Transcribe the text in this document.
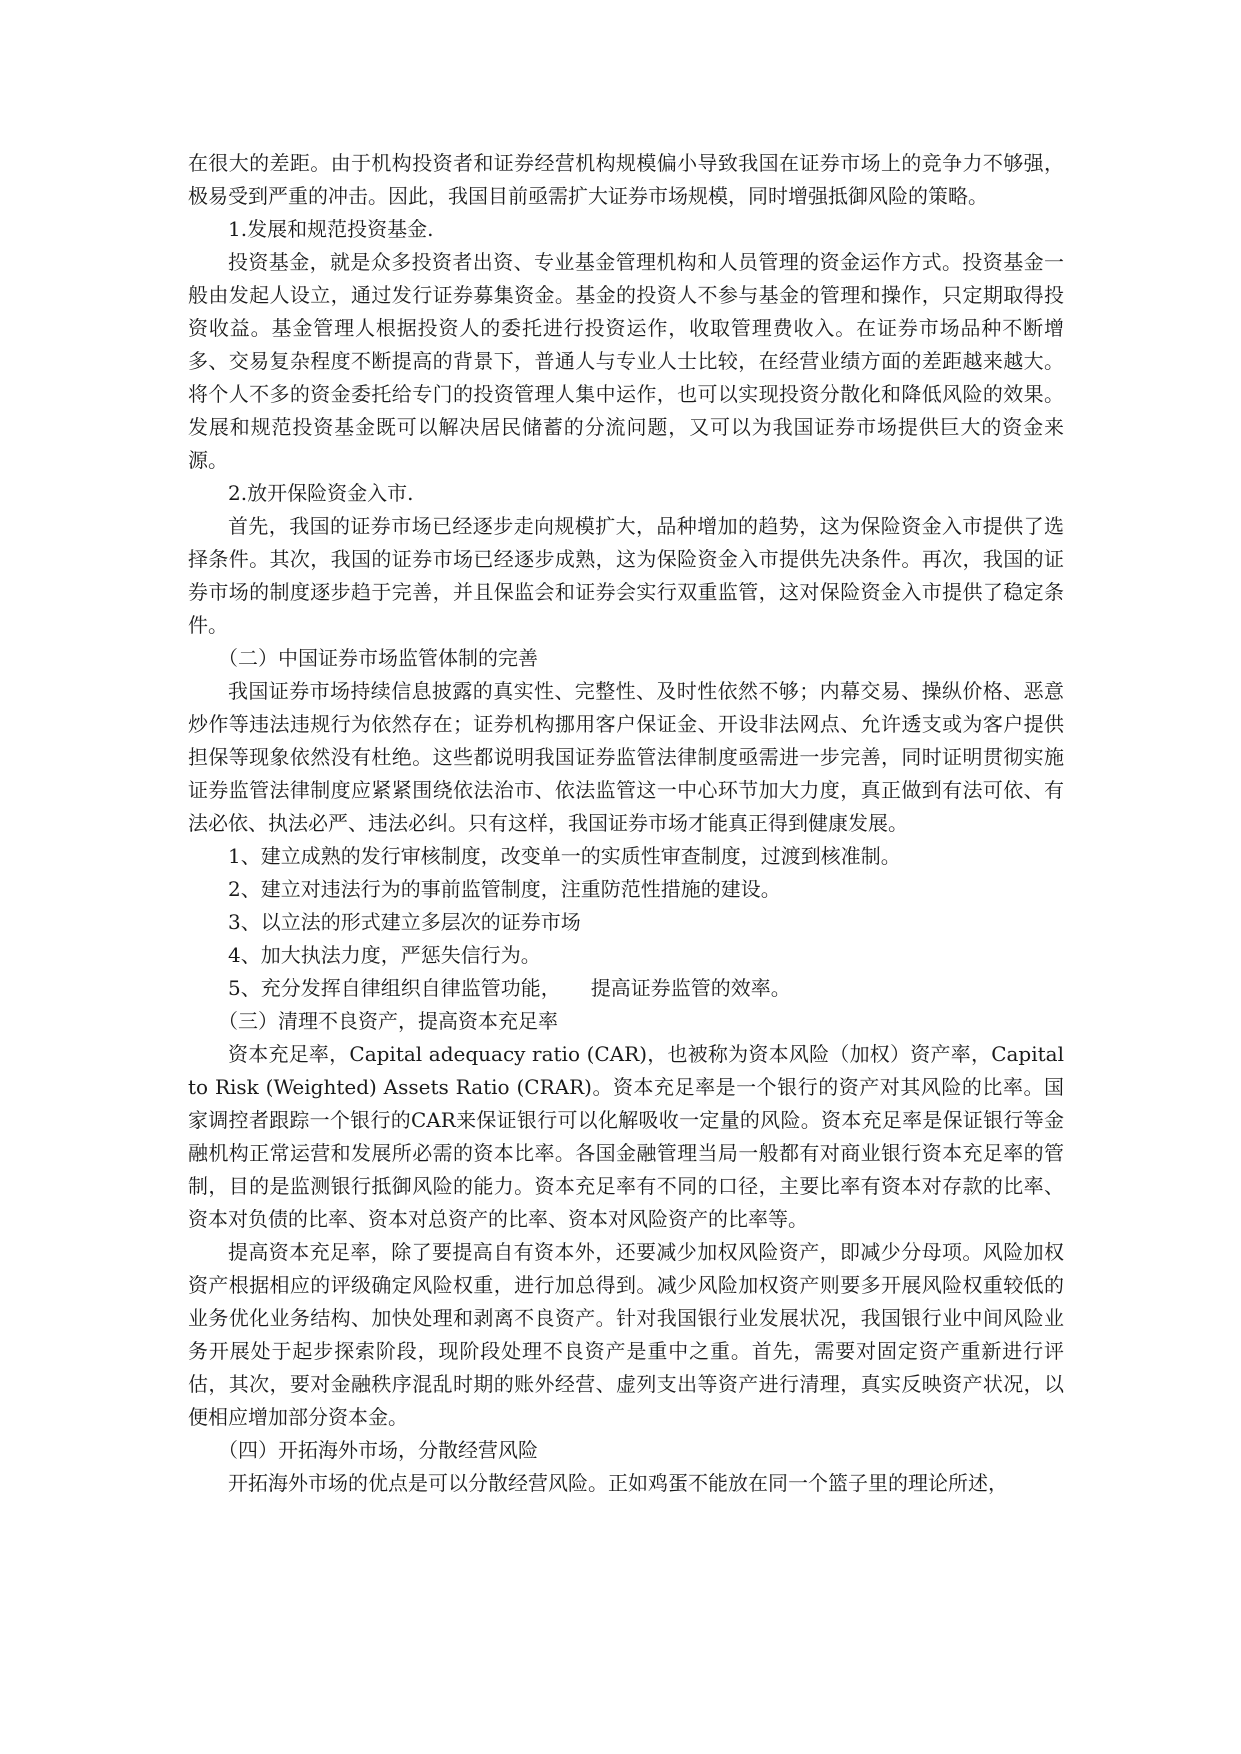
在很大的差距。由于机构投资者和证券经营机构规模偏小导致我国在证券市场上的竞争力不够强，极易受到严重的冲击。因此，我国目前亟需扩大证券市场规模，同时增强抵御风险的策略。

1.发展和规范投资基金.

投资基金，就是众多投资者出资、专业基金管理机构和人员管理的资金运作方式。投资基金一般由发起人设立，通过发行证券募集资金。基金的投资人不参与基金的管理和操作，只定期取得投资收益。基金管理人根据投资人的委托进行投资运作，收取管理费收入。在证券市场品种不断增多、交易复杂程度不断提高的背景下，普通人与专业人士比较，在经营业绩方面的差距越来越大。将个人不多的资金委托给专门的投资管理人集中运作，也可以实现投资分散化和降低风险的效果。发展和规范投资基金既可以解决居民储蓄的分流问题，又可以为我国证券市场提供巨大的资金来源。

2.放开保险资金入市.

首先，我国的证券市场已经逐步走向规模扩大，品种增加的趋势，这为保险资金入市提供了选择条件。其次，我国的证券市场已经逐步成熟，这为保险资金入市提供先决条件。再次，我国的证券市场的制度逐步趋于完善，并且保监会和证券会实行双重监管，这对保险资金入市提供了稳定条件。

（二）中国证券市场监管体制的完善

我国证券市场持续信息披露的真实性、完整性、及时性依然不够；内幕交易、操纵价格、恶意炒作等违法违规行为依然存在；证券机构挪用客户保证金、开设非法网点、允许透支或为客户提供担保等现象依然没有杜绝。这些都说明我国证券监管法律制度亟需进一步完善，同时证明贯彻实施证券监管法律制度应紧紧围绕依法治市、依法监管这一中心环节加大力度，真正做到有法可依、有法必依、执法必严、违法必纠。只有这样，我国证券市场才能真正得到健康发展。

1、建立成熟的发行审核制度，改变单一的实质性审查制度，过渡到核准制。

2、建立对违法行为的事前监管制度，注重防范性措施的建设。

3、以立法的形式建立多层次的证券市场

4、加大执法力度，严惩失信行为。

5、充分发挥自律组织自律监管功能，　　提高证券监管的效率。

（三）清理不良资产，提高资本充足率

资本充足率，Capital adequacy ratio (CAR)，也被称为资本风险（加权）资产率，Capital to Risk (Weighted) Assets Ratio (CRAR)。资本充足率是一个银行的资产对其风险的比率。国家调控者跟踪一个银行的CAR来保证银行可以化解吸收一定量的风险。资本充足率是保证银行等金融机构正常运营和发展所必需的资本比率。各国金融管理当局一般都有对商业银行资本充足率的管制，目的是监测银行抵御风险的能力。资本充足率有不同的口径，主要比率有资本对存款的比率、资本对负债的比率、资本对总资产的比率、资本对风险资产的比率等。

提高资本充足率，除了要提高自有资本外，还要减少加权风险资产，即减少分母项。风险加权资产根据相应的评级确定风险权重，进行加总得到。减少风险加权资产则要多开展风险权重较低的业务优化业务结构、加快处理和剥离不良资产。针对我国银行业发展状况，我国银行业中间风险业务开展处于起步探索阶段，现阶段处理不良资产是重中之重。首先，需要对固定资产重新进行评估，其次，要对金融秩序混乱时期的账外经营、虚列支出等资产进行清理，真实反映资产状况，以便相应增加部分资本金。

（四）开拓海外市场，分散经营风险

开拓海外市场的优点是可以分散经营风险。正如鸡蛋不能放在同一个篮子里的理论所述，
